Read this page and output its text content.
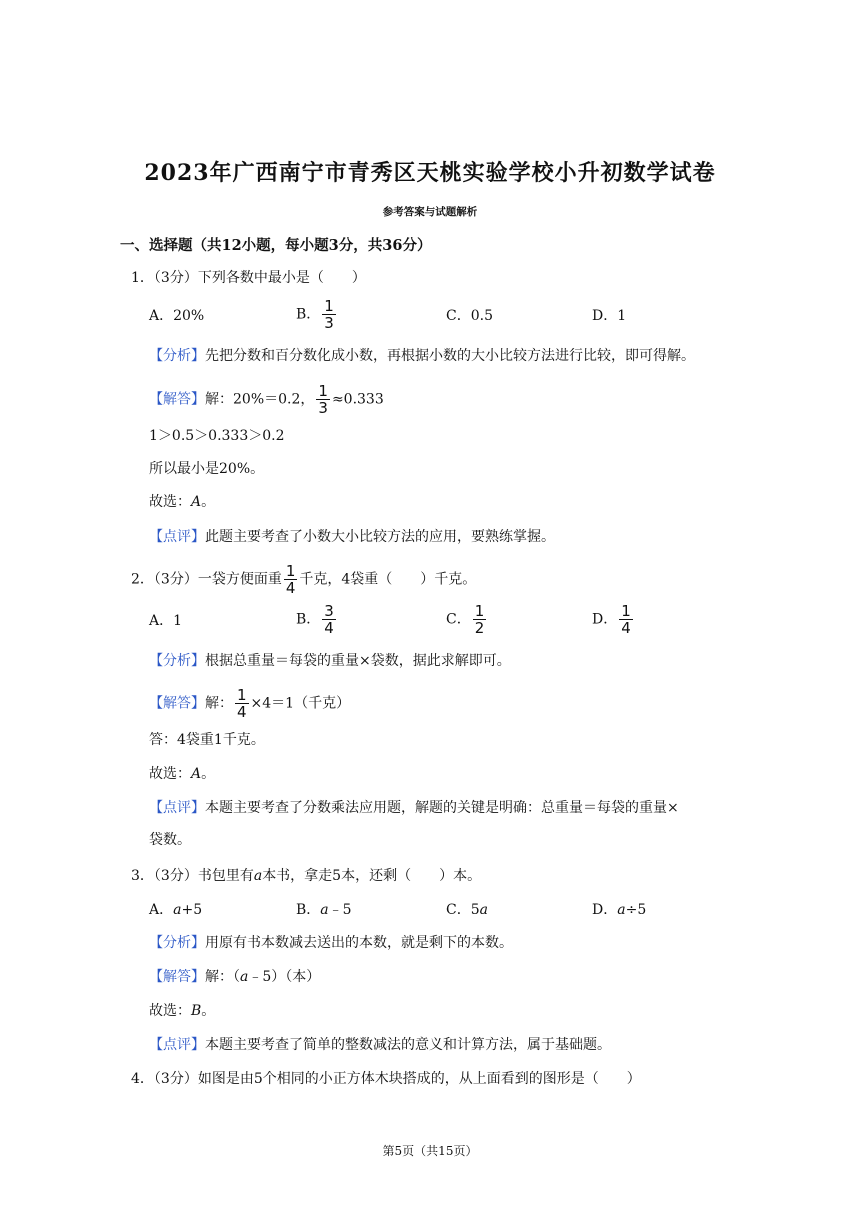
2023年广西南宁市青秀区天桃实验学校小升初数学试卷
参考答案与试题解析
一、选择题（共12小题，每小题3分，共36分）
1．（3分）下列各数中最小是（　　）
A．20%	B． $\frac{1}{3}$	C．0.5	D．1
【分析】先把分数和百分数化成小数，再根据小数的大小比较方法进行比较，即可得解。
【解答】解：20%＝0.2， $\frac{1}{3} \approx 0.333$
1＞0.5＞0.333＞0.2
所以最小是20%。
故选：A。
【点评】此题主要考查了小数大小比较方法的应用，要熟练掌握。
2．（3分）一袋方便面重 $\frac{1}{4}$ 千克，4袋重（　　）千克。
A．1	B． $\frac{3}{4}$	C． $\frac{1}{2}$	D． $\frac{1}{4}$
【分析】根据总重量＝每袋的重量×袋数，据此求解即可。
【解答】解： $\frac{1}{4} \times 4=1$（千克）
答：4袋重1千克。
故选：A。
【点评】本题主要考查了分数乘法应用题，解题的关键是明确：总重量＝每袋的重量×
袋数。
3．（3分）书包里有a本书，拿走5本，还剩（　　）本。
A．a+5	B．a﹣5	C．5a	D．a÷5
【分析】用原有书本数减去送出的本数，就是剩下的本数。
【解答】解：（a﹣5）（本）
故选：B。
【点评】本题主要考查了简单的整数减法的意义和计算方法，属于基础题。
4．（3分）如图是由5个相同的小正方体木块搭成的，从上面看到的图形是（　　）
第5页（共15页）
